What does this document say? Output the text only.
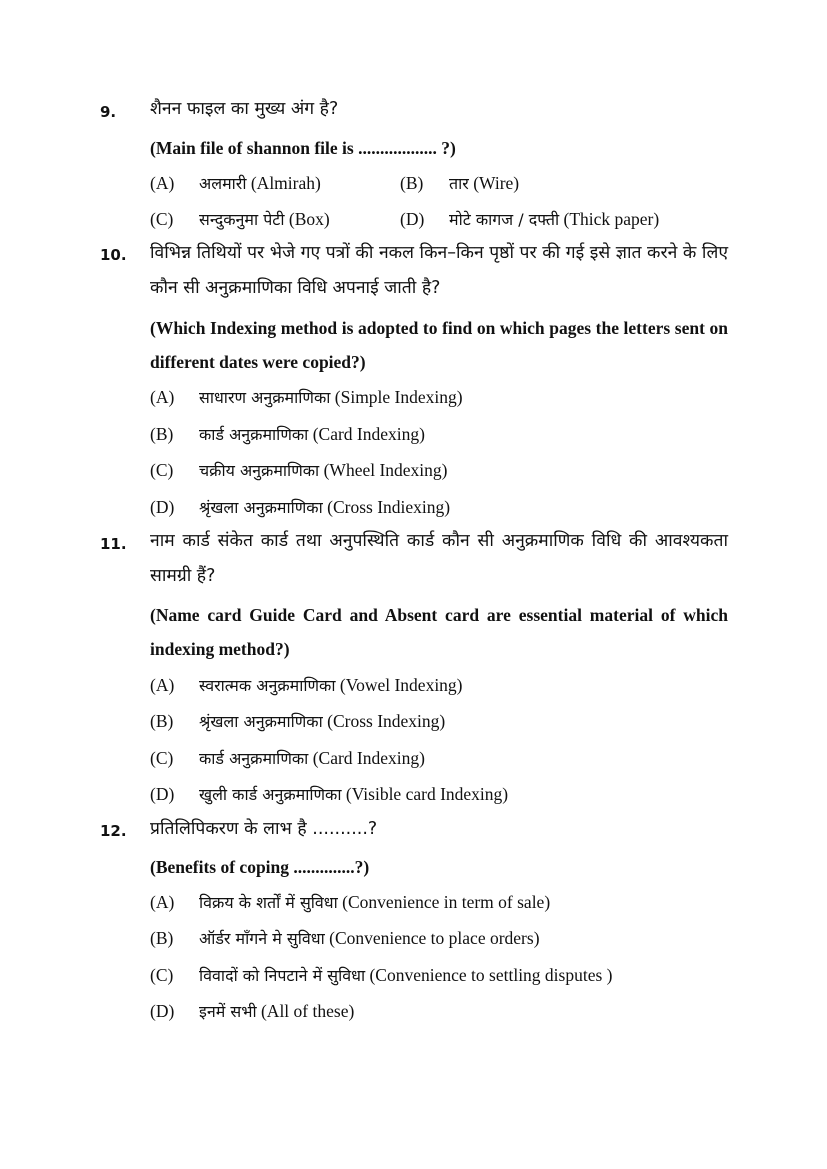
9.	शैनन फाइल का मुख्य अंग है?
(Main file of shannon file is .................. ?)
(A) अलमारी (Almirah)	(B) तार (Wire)
(C) सन्दुकनुमा पेटी (Box)	(D) मोटे कागज / दफ्ती (Thick paper)
10.	विभिन्न तिथियों पर भेजे गए पत्रों की नकल किन–किन पृष्ठों पर की गई इसे ज्ञात करने के लिए कौन सी अनुक्रमाणिका विधि अपनाई जाती है?
(Which Indexing method is adopted to find on which pages the letters sent on different dates were copied?)
(A) साधारण अनुक्रमाणिका (Simple Indexing)
(B) कार्ड अनुक्रमाणिका (Card Indexing)
(C) चक्रीय अनुक्रमाणिका (Wheel Indexing)
(D) श्रृंखला अनुक्रमाणिका (Cross Indiexing)
11.	नाम कार्ड संकेत कार्ड तथा अनुपस्थिति कार्ड कौन सी अनुक्रमाणिक विधि की आवश्यकता सामग्री हैं?
(Name card Guide Card and Absent card are essential material of which indexing method?)
(A) स्वरात्मक अनुक्रमाणिका (Vowel Indexing)
(B) श्रृंखला अनुक्रमाणिका (Cross Indexing)
(C) कार्ड अनुक्रमाणिका (Card Indexing)
(D) खुली कार्ड अनुक्रमाणिका (Visible card Indexing)
12.	प्रतिलिपिकरण के लाभ है ..........?
(Benefits of coping ..............?)
(A) विक्रय के शर्तों में सुविधा (Convenience in term of sale)
(B) ऑर्डर माँगने मे सुविधा (Convenience to place orders)
(C) विवादों को निपटाने में सुविधा (Convenience to settling disputes )
(D) इनमें सभी (All of these)
